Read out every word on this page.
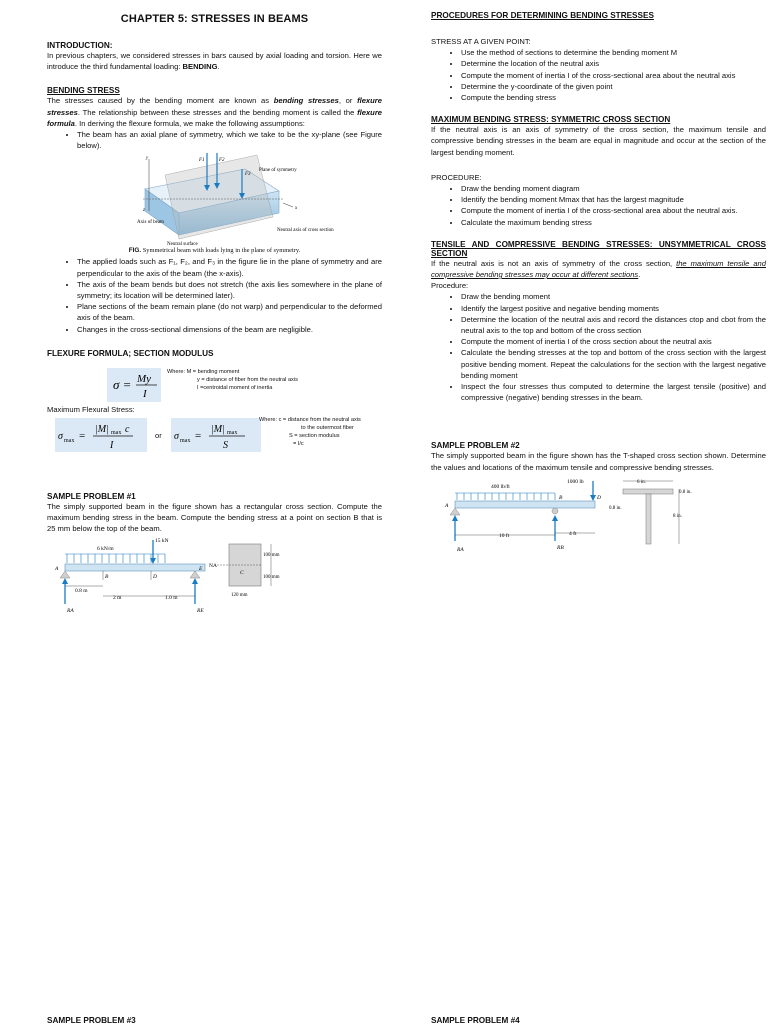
CHAPTER 5: STRESSES IN BEAMS

INTRODUCTION:

In previous chapters, we considered stresses in bars caused by axial loading and torsion. Here we introduce the third fundamental loading: BENDING.

BENDING STRESS

The stresses caused by the bending moment are known as bending stresses, or flexure stresses. The relationship between these stresses and the bending moment is called the flexure formula. In deriving the flexure formula, we make the following assumptions:

• The beam has an axial plane of symmetry, which we take to be the xy-plane (see Figure below).
F1	F2
F3
y
z	x
Plane of symmetry
Axis of beam
Neutral surface
Neutral axis of cross section
FIG. Symmetrical beam with loads lying in the plane of symmetry.
• The applied loads such as F₁, F₂, and F₃ in the figure lie in the plane of symmetry and are perpendicular to the axis of the beam (the x-axis).
• The axis of the beam bends but does not stretch (the axis lies somewhere in the plane of symmetry; its location will be determined later).
• Plane sections of the beam remain plane (do not warp) and perpendicular to the deformed axis of the beam.
• Changes in the cross-sectional dimensions of the beam are negligible.

FLEXURE FORMULA; SECTION MODULUS

σ = My
I
Where: M = bending moment
y = distance of fiber from the neutral axis
I =centroidal moment of inertia
Maximum Flexural Stress:
σ max =
|M| max c
I
or σ max =
|M| max
S
Where: c = distance from the neutral axis
to the outermost fiber
S = section modulus
= I/c

SAMPLE PROBLEM #1

The simply supported beam in the figure shown has a rectangular cross section. Compute the maximum bending stress in the beam. Compute the bending stress at a point on section B that is 25 mm below the top of the beam.

6 kN/m
15 kN
A
B	D
E
0.8 m
2 m	1.0 m
RA	RE
NA
C
100 mm
100 mm
120 mm
SAMPLE PROBLEM #3

PROCEDURES FOR DETERMINING BENDING STRESSES

STRESS AT A GIVEN POINT:

• Use the method of sections to determine the bending moment M
• Determine the location of the neutral axis
• Compute the moment of inertia I of the cross-sectional area about the neutral axis
• Determine the y-coordinate of the given point
• Compute the bending stress

MAXIMUM BENDING STRESS: SYMMETRIC CROSS SECTION

If the neutral axis is an axis of symmetry of the cross section, the maximum tensile and compressive bending stresses in the beam are equal in magnitude and occur at the section of the largest bending moment.

PROCEDURE:

• Draw the bending moment diagram
• Identify the bending moment Mmax that has the largest magnitude
• Compute the moment of inertia I of the cross-sectional area about the neutral axis.
• Calculate the maximum bending stress

TENSILE AND COMPRESSIVE BENDING STRESSES: UNSYMMETRICAL CROSS SECTION

If the neutral axis is not an axis of symmetry of the cross section, the maximum tensile and compressive bending stresses may occur at different sections.

Procedure:

• Draw the bending moment
• Identify the largest positive and negative bending moments
• Determine the location of the neutral axis and record the distances ctop and cbot from the neutral axis to the top and bottom of the cross section
• Compute the moment of inertia I of the cross section about the neutral axis
• Calculate the bending stresses at the top and bottom of the cross section with the largest positive bending moment. Repeat the calculations for the section with the largest negative bending moment
• Inspect the four stresses thus computed to determine the largest tensile (positive) and compressive (negative) bending stresses in the beam.

SAMPLE PROBLEM #2

The simply supported beam in the figure shown has the T-shaped cross section shown. Determine the values and locations of the maximum tensile and compressive bending stresses.

400 lb/ft
1000 lb
A
B	D
10 ft	4 ft
RA	RB
6 in.
0.8 in.
0.8 in.
8 in.
SAMPLE PROBLEM #4
